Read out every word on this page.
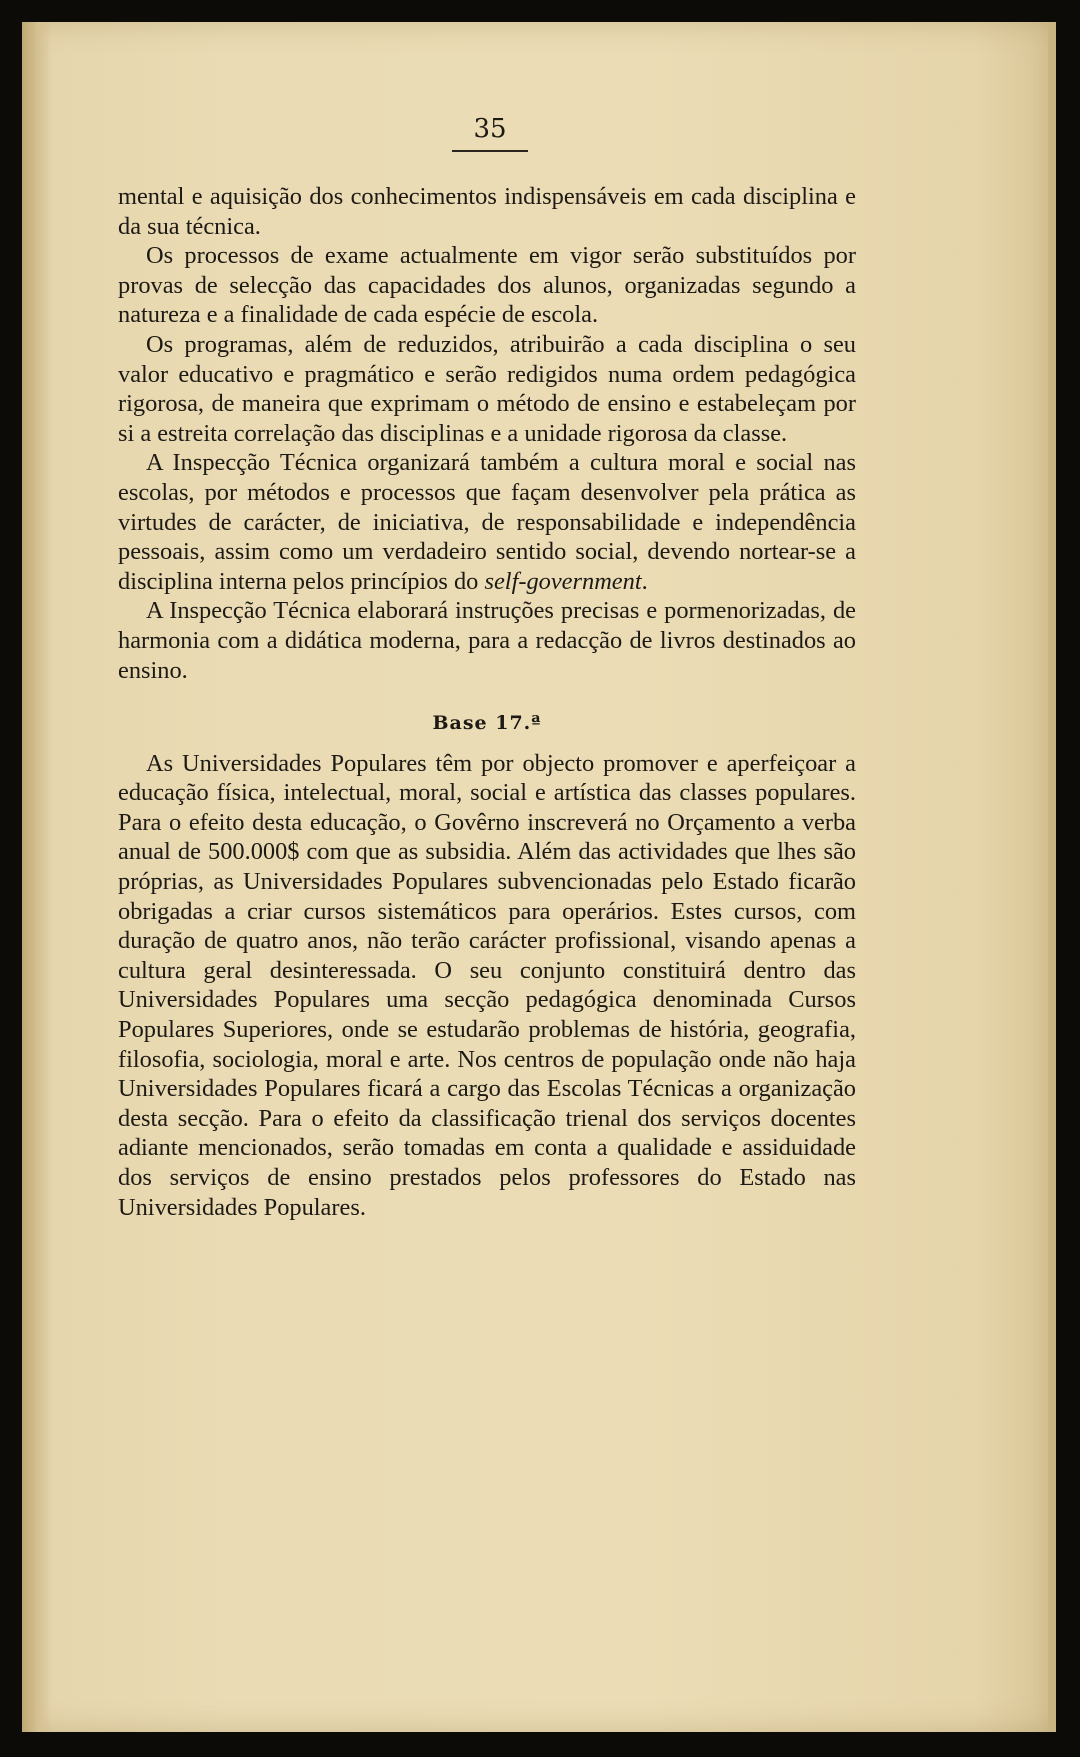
35

mental e aquisição dos conhecimentos indispensáveis em cada disciplina e da sua técnica.

Os processos de exame actualmente em vigor serão substituídos por provas de selecção das capacidades dos alunos, organizadas segundo a natureza e a finalidade de cada espécie de escola.

Os programas, além de reduzidos, atribuirão a cada disciplina o seu valor educativo e pragmático e serão redigidos numa ordem pedagógica rigorosa, de maneira que exprimam o método de ensino e estabeleçam por si a estreita correlação das disciplinas e a unidade rigorosa da classe.

A Inspecção Técnica organizará também a cultura moral e social nas escolas, por métodos e processos que façam desenvolver pela prática as virtudes de carácter, de iniciativa, de responsabilidade e independência pessoais, assim como um verdadeiro sentido social, devendo nortear-se a disciplina interna pelos princípios do self-government.

A Inspecção Técnica elaborará instruções precisas e pormenorizadas, de harmonia com a didática moderna, para a redacção de livros destinados ao ensino.

Base 17.ª

As Universidades Populares têm por objecto promover e aperfeiçoar a educação física, intelectual, moral, social e artística das classes populares. Para o efeito desta educação, o Govêrno inscreverá no Orçamento a verba anual de 500.000$ com que as subsidia. Além das actividades que lhes são próprias, as Universidades Populares subvencionadas pelo Estado ficarão obrigadas a criar cursos sistemáticos para operários. Estes cursos, com duração de quatro anos, não terão carácter profissional, visando apenas a cultura geral desinteressada. O seu conjunto constituirá dentro das Universidades Populares uma secção pedagógica denominada Cursos Populares Superiores, onde se estudarão problemas de história, geografia, filosofia, sociologia, moral e arte. Nos centros de população onde não haja Universidades Populares ficará a cargo das Escolas Técnicas a organização desta secção. Para o efeito da classificação trienal dos serviços docentes adiante mencionados, serão tomadas em conta a qualidade e assiduidade dos serviços de ensino prestados pelos professores do Estado nas Universidades Populares.
